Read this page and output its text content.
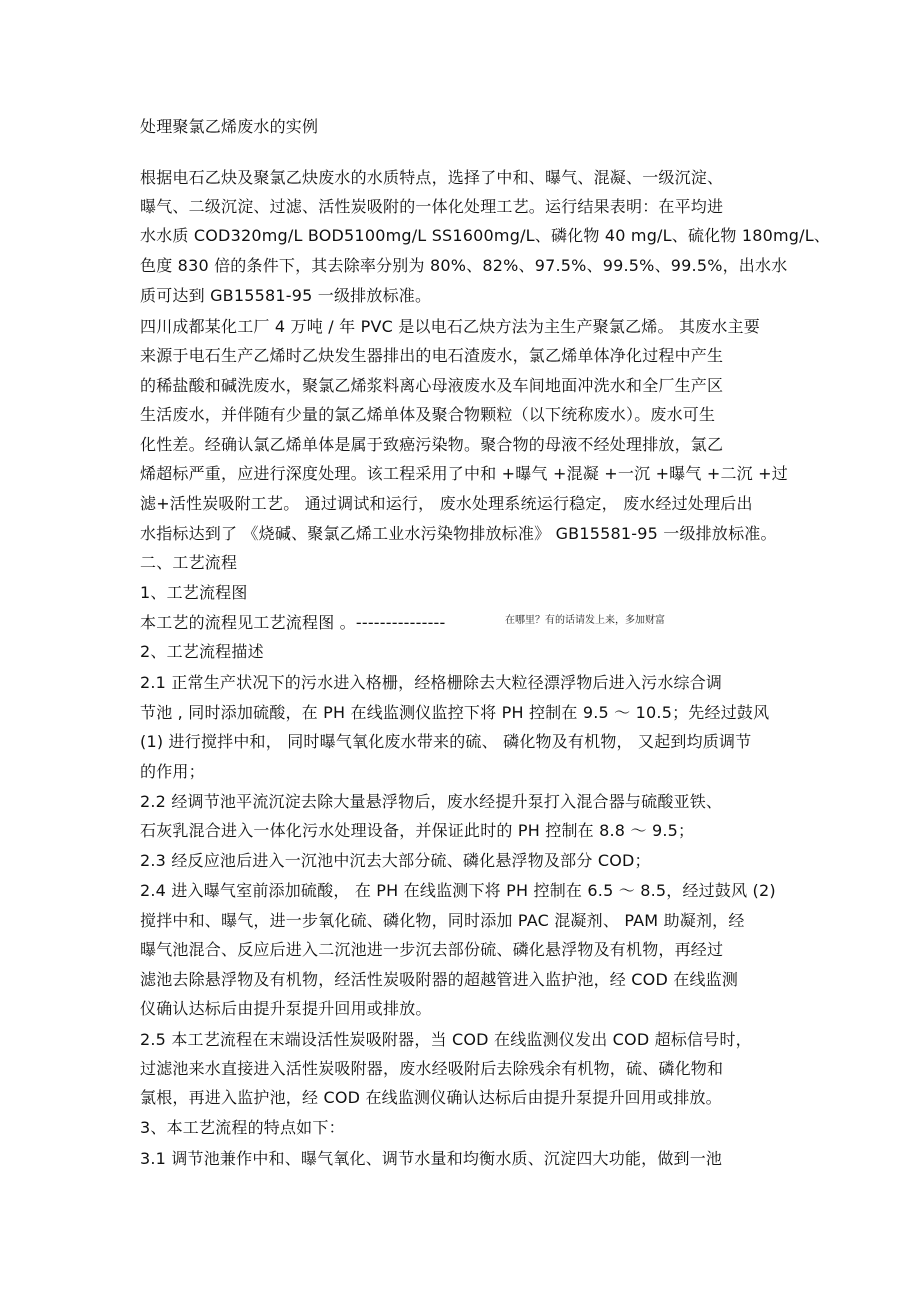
处理聚氯乙烯废水的实例
根据电石乙炔及聚氯乙炔废水的水质特点，选择了中和、曝气、混凝、一级沉淀、
曝气、二级沉淀、过滤、活性炭吸附的一体化处理工艺。运行结果表明：在平均进
水水质 COD320mg/L BOD5100mg/L SS1600mg/L、磷化物 40 mg/L、硫化物 180mg/L、
色度 830 倍的条件下，其去除率分别为 80%、82%、97.5%、99.5%、99.5%，出水水
质可达到 GB15581-95 一级排放标准。
四川成都某化工厂 4 万吨 / 年 PVC 是以电石乙炔方法为主生产聚氯乙烯。 其废水主要
来源于电石生产乙烯时乙炔发生器排出的电石渣废水，氯乙烯单体净化过程中产生
的稀盐酸和碱洗废水，聚氯乙烯浆料离心母液废水及车间地面冲洗水和全厂生产区
生活废水，并伴随有少量的氯乙烯单体及聚合物颗粒（以下统称废水）。废水可生
化性差。经确认氯乙烯单体是属于致癌污染物。聚合物的母液不经处理排放，氯乙
烯超标严重，应进行深度处理。该工程采用了中和 +曝气 +混凝 +一沉 +曝气 +二沉 +过
滤+活性炭吸附工艺。 通过调试和运行， 废水处理系统运行稳定， 废水经过处理后出
水指标达到了 《烧碱、聚氯乙烯工业水污染物排放标准》 GB15581-95 一级排放标准。
二、工艺流程
1、工艺流程图
本工艺的流程见工艺流程图 。---------------	在哪里？有的话请发上来，多加财富
2、工艺流程描述
2.1 正常生产状况下的污水进入格栅，经格栅除去大粒径漂浮物后进入污水综合调
节池 , 同时添加硫酸，在 PH 在线监测仪监控下将 PH 控制在 9.5 ～ 10.5；先经过鼓风
(1) 进行搅拌中和， 同时曝气氧化废水带来的硫、 磷化物及有机物， 又起到均质调节
的作用；
2.2 经调节池平流沉淀去除大量悬浮物后，废水经提升泵打入混合器与硫酸亚铁、
石灰乳混合进入一体化污水处理设备，并保证此时的 PH 控制在 8.8 ～ 9.5；
2.3 经反应池后进入一沉池中沉去大部分硫、磷化悬浮物及部分 COD；
2.4 进入曝气室前添加硫酸， 在 PH 在线监测下将 PH 控制在 6.5 ～ 8.5，经过鼓风 (2)
搅拌中和、曝气，进一步氧化硫、磷化物，同时添加 PAC 混凝剂、 PAM 助凝剂，经
曝气池混合、反应后进入二沉池进一步沉去部份硫、磷化悬浮物及有机物，再经过
滤池去除悬浮物及有机物，经活性炭吸附器的超越管进入监护池，经 COD 在线监测
仪确认达标后由提升泵提升回用或排放。
2.5 本工艺流程在末端设活性炭吸附器，当 COD 在线监测仪发出 COD 超标信号时，
过滤池来水直接进入活性炭吸附器，废水经吸附后去除残余有机物，硫、磷化物和
氯根，再进入监护池，经 COD 在线监测仪确认达标后由提升泵提升回用或排放。
3、本工艺流程的特点如下：
3.1 调节池兼作中和、曝气氧化、调节水量和均衡水质、沉淀四大功能，做到一池
